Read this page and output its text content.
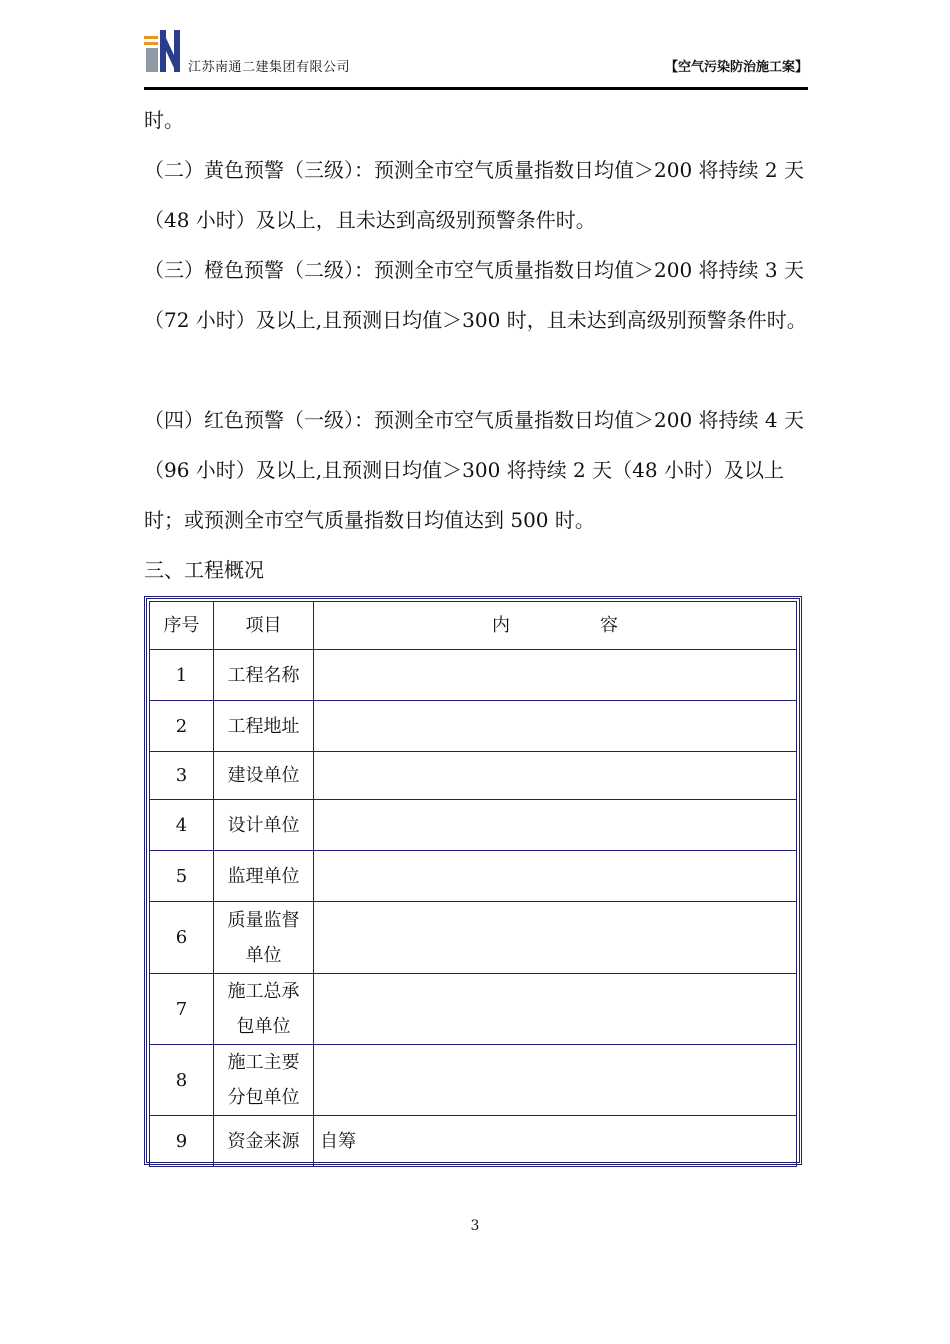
江苏南通二建集团有限公司	【空气污染防治施工案】

时。

（二）黄色预警（三级）：预测全市空气质量指数日均值＞200 将持续 2 天（48 小时）及以上，且未达到高级别预警条件时。

（三）橙色预警（二级）：预测全市空气质量指数日均值＞200 将持续 3 天（72 小时）及以上,且预测日均值＞300 时，且未达到高级别预警条件时。

（四）红色预警（一级）：预测全市空气质量指数日均值＞200 将持续 4 天（96 小时）及以上,且预测日均值＞300 将持续 2 天（48 小时）及以上时；或预测全市空气质量指数日均值达到 500 时。

三、工程概况

序号	项目	内　　　　　容
1	工程名称	
2	工程地址	
3	建设单位	
4	设计单位	
5	监理单位	
6	质量监督单位	
7	施工总承包单位	
8	施工主要分包单位	
9	资金来源	自筹
3
